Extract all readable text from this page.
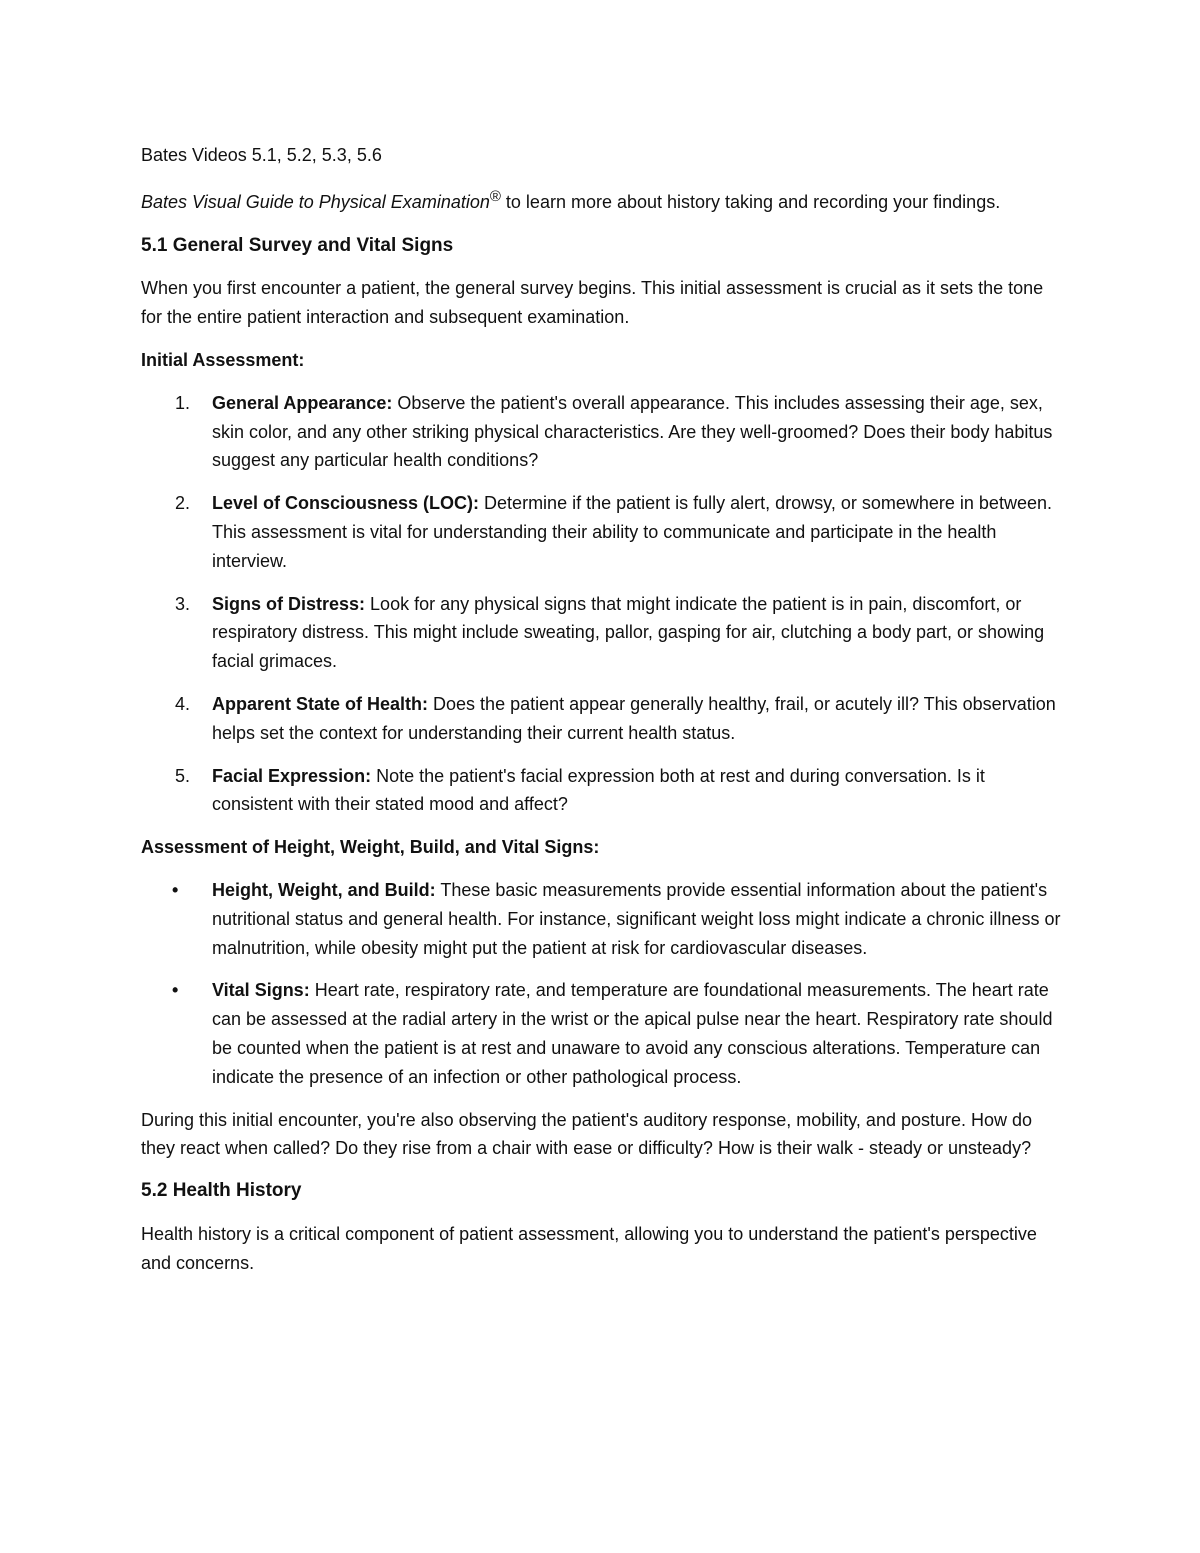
Bates Videos 5.1, 5.2, 5.3, 5.6

Bates Visual Guide to Physical Examination® to learn more about history taking and recording your findings.

5.1 General Survey and Vital Signs

When you first encounter a patient, the general survey begins. This initial assessment is crucial as it sets the tone for the entire patient interaction and subsequent examination.

Initial Assessment:

1. General Appearance: Observe the patient's overall appearance. This includes assessing their age, sex, skin color, and any other striking physical characteristics. Are they well-groomed? Does their body habitus suggest any particular health conditions?
2. Level of Consciousness (LOC): Determine if the patient is fully alert, drowsy, or somewhere in between. This assessment is vital for understanding their ability to communicate and participate in the health interview.
3. Signs of Distress: Look for any physical signs that might indicate the patient is in pain, discomfort, or respiratory distress. This might include sweating, pallor, gasping for air, clutching a body part, or showing facial grimaces.
4. Apparent State of Health: Does the patient appear generally healthy, frail, or acutely ill? This observation helps set the context for understanding their current health status.
5. Facial Expression: Note the patient's facial expression both at rest and during conversation. Is it consistent with their stated mood and affect?

Assessment of Height, Weight, Build, and Vital Signs:

• Height, Weight, and Build: These basic measurements provide essential information about the patient's nutritional status and general health. For instance, significant weight loss might indicate a chronic illness or malnutrition, while obesity might put the patient at risk for cardiovascular diseases.
• Vital Signs: Heart rate, respiratory rate, and temperature are foundational measurements. The heart rate can be assessed at the radial artery in the wrist or the apical pulse near the heart. Respiratory rate should be counted when the patient is at rest and unaware to avoid any conscious alterations. Temperature can indicate the presence of an infection or other pathological process.

During this initial encounter, you're also observing the patient's auditory response, mobility, and posture. How do they react when called? Do they rise from a chair with ease or difficulty? How is their walk - steady or unsteady?

5.2 Health History

Health history is a critical component of patient assessment, allowing you to understand the patient's perspective and concerns.
